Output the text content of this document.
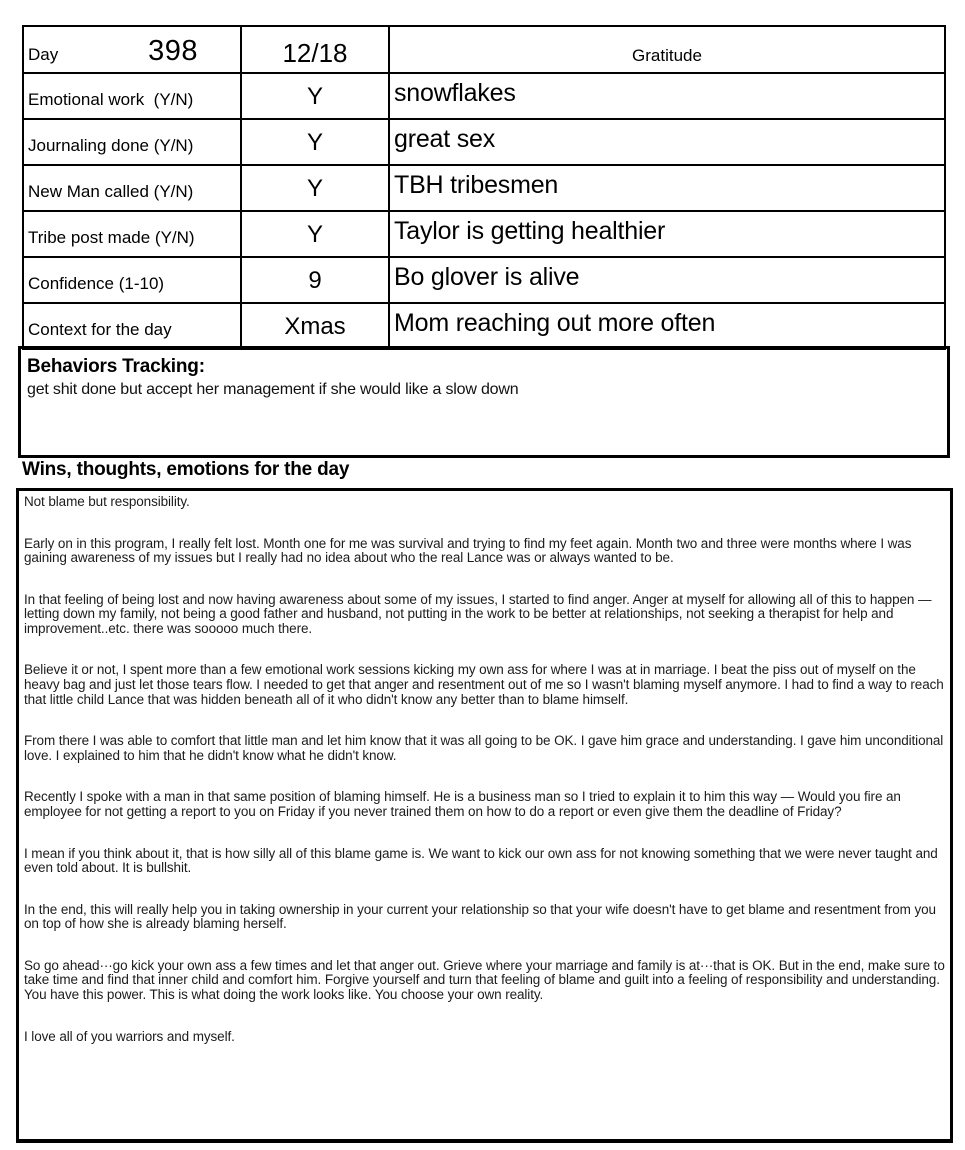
Day 398	12/18	Gratitude
Emotional work  (Y/N)	Y	snowflakes
Journaling done (Y/N)	Y	great sex
New Man called (Y/N)	Y	TBH tribesmen
Tribe post made (Y/N)	Y	Taylor is getting healthier
Confidence (1-10)	9	Bo glover is alive
Context for the day	Xmas	Mom reaching out more often
Behaviors Tracking:
get shit done but accept her management if she would like a slow down
Wins, thoughts, emotions for the day

Not blame but responsibility.

Early on in this program, I really felt lost. Month one for me was survival and trying to find my feet again. Month two and three were months where I was gaining awareness of my issues but I really had no idea about who the real Lance was or always wanted to be.

In that feeling of being lost and now having awareness about some of my issues, I started to find anger. Anger at myself for allowing all of this to happen — letting down my family, not being a good father and husband, not putting in the work to be better at relationships, not seeking a therapist for help and improvement..etc. there was sooooo much there.

Believe it or not, I spent more than a few emotional work sessions kicking my own ass for where I was at in marriage. I beat the piss out of myself on the heavy bag and just let those tears flow. I needed to get that anger and resentment out of me so I wasn't blaming myself anymore. I had to find a way to reach that little child Lance that was hidden beneath all of it who didn't know any better than to blame himself.

From there I was able to comfort that little man and let him know that it was all going to be OK. I gave him grace and understanding. I gave him unconditional love. I explained to him that he didn't know what he didn't know.

Recently I spoke with a man in that same position of blaming himself. He is a business man so I tried to explain it to him this way — Would you fire an employee for not getting a report to you on Friday if you never trained them on how to do a report or even give them the deadline of Friday?

I mean if you think about it, that is how silly all of this blame game is. We want to kick our own ass for not knowing something that we were never taught and even told about. It is bullshit.

In the end, this will really help you in taking ownership in your current your relationship so that your wife doesn't have to get blame and resentment from you on top of how she is already blaming herself.

So go ahead···go kick your own ass a few times and let that anger out. Grieve where your marriage and family is at···that is OK. But in the end, make sure to take time and find that inner child and comfort him. Forgive yourself and turn that feeling of blame and guilt into a feeling of responsibility and understanding. You have this power. This is what doing the work looks like. You choose your own reality.

I love all of you warriors and myself.
